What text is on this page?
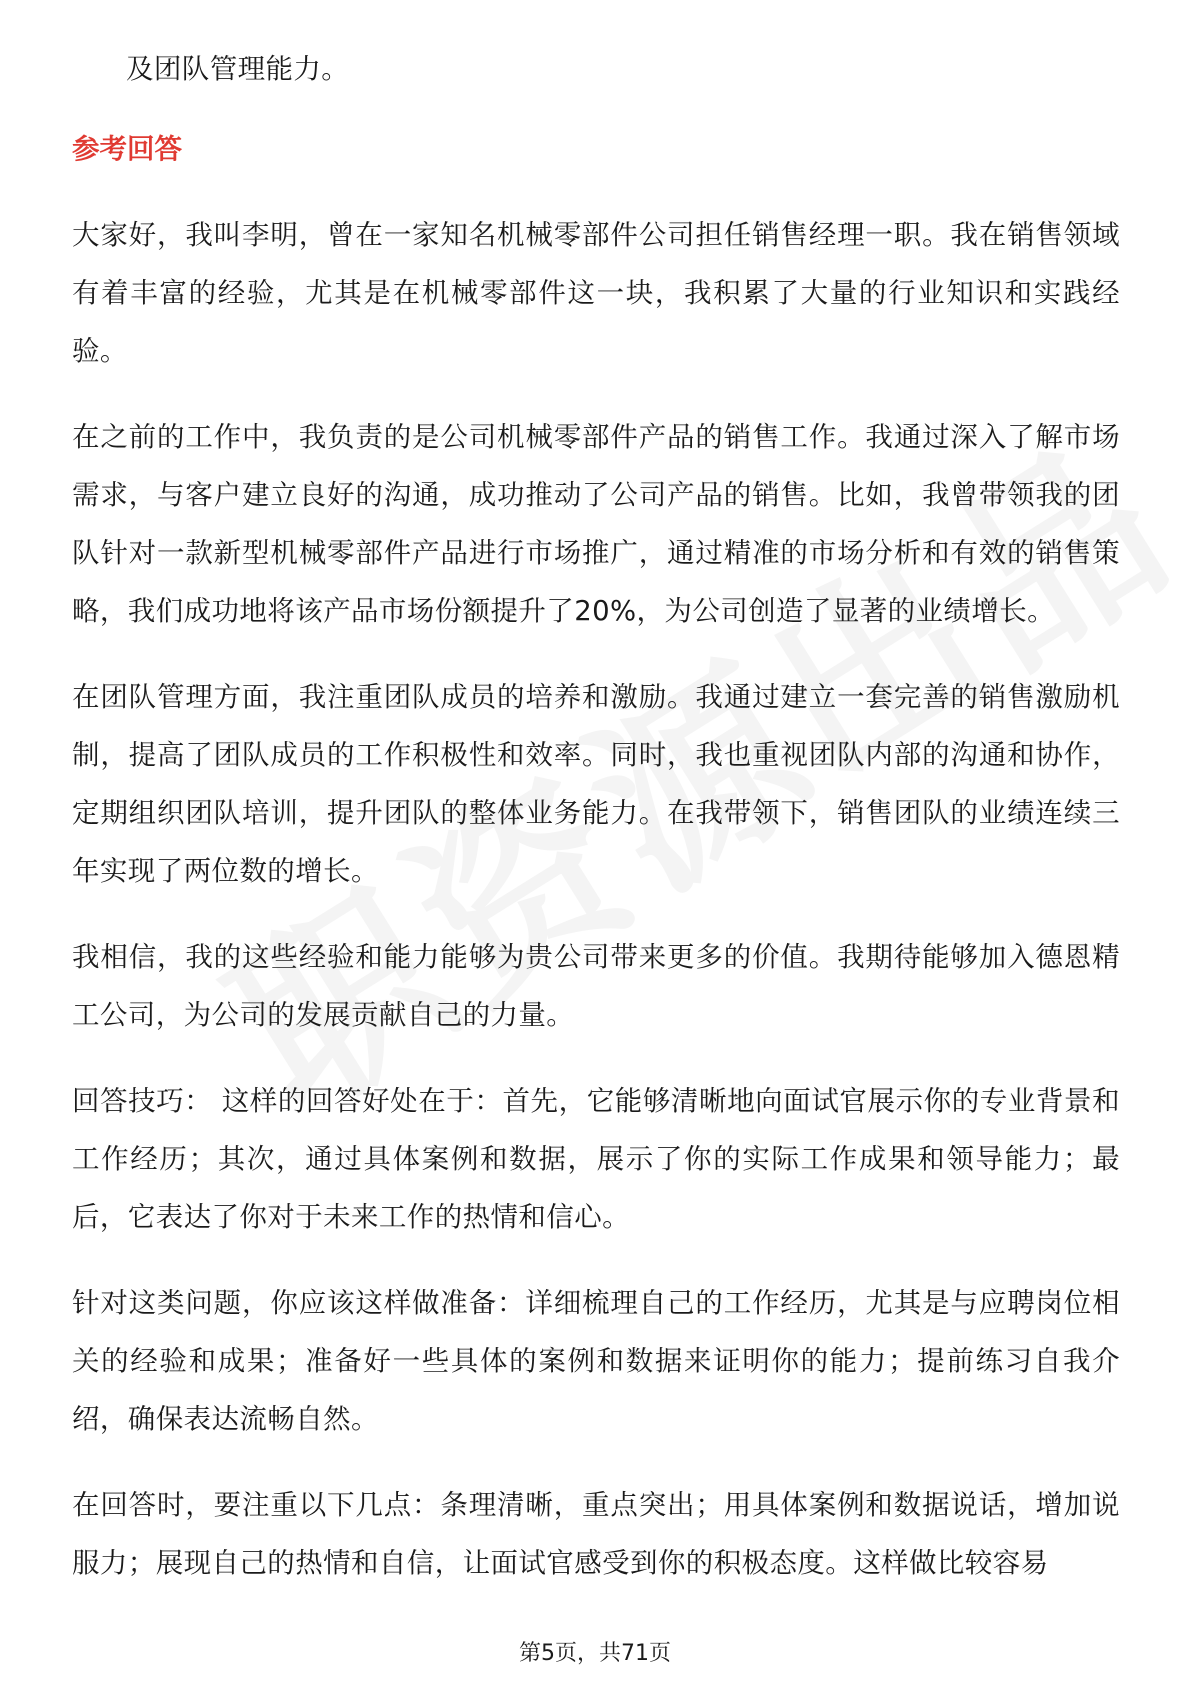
及团队管理能力。

参考回答

大家好，我叫李明，曾在一家知名机械零部件公司担任销售经理一职。我在销售领域有着丰富的经验，尤其是在机械零部件这一块，我积累了大量的行业知识和实践经验。

在之前的工作中，我负责的是公司机械零部件产品的销售工作。我通过深入了解市场需求，与客户建立良好的沟通，成功推动了公司产品的销售。比如，我曾带领我的团队针对一款新型机械零部件产品进行市场推广，通过精准的市场分析和有效的销售策略，我们成功地将该产品市场份额提升了20%，为公司创造了显著的业绩增长。

在团队管理方面，我注重团队成员的培养和激励。我通过建立一套完善的销售激励机制，提高了团队成员的工作积极性和效率。同时，我也重视团队内部的沟通和协作，定期组织团队培训，提升团队的整体业务能力。在我带领下，销售团队的业绩连续三年实现了两位数的增长。

我相信，我的这些经验和能力能够为贵公司带来更多的价值。我期待能够加入德恩精工公司，为公司的发展贡献自己的力量。

回答技巧： 这样的回答好处在于：首先，它能够清晰地向面试官展示你的专业背景和工作经历；其次，通过具体案例和数据，展示了你的实际工作成果和领导能力；最后，它表达了你对于未来工作的热情和信心。

针对这类问题，你应该这样做准备：详细梳理自己的工作经历，尤其是与应聘岗位相关的经验和成果；准备好一些具体的案例和数据来证明你的能力；提前练习自我介绍，确保表达流畅自然。

在回答时，要注重以下几点：条理清晰，重点突出；用具体案例和数据说话，增加说服力；展现自己的热情和自信，让面试官感受到你的积极态度。这样做比较容易

第5页，共71页
